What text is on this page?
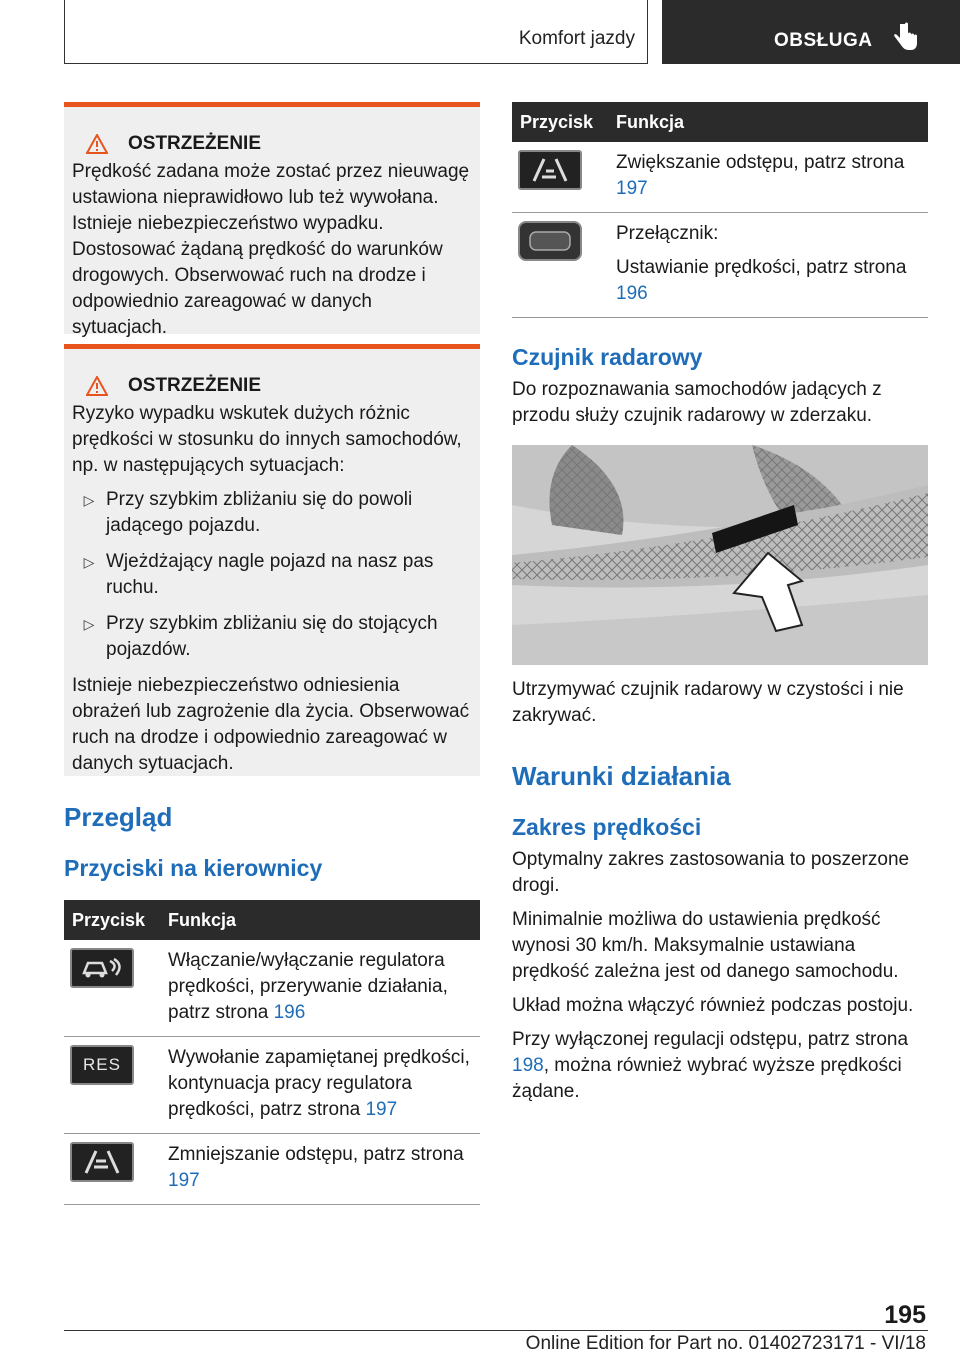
Komfort jazdy	OBSŁUGA
OSTRZEŻENIE

Prędkość zadana może zostać przez nieuwagę ustawiona nieprawidłowo lub też wywołana. Istnieje niebezpieczeństwo wypadku. Dostosować żądaną prędkość do warunków drogowych. Obserwować ruch na drodze i odpowiednio zareagować w danych sytuacjach.

OSTRZEŻENIE

Ryzyko wypadku wskutek dużych różnic prędkości w stosunku do innych samochodów, np. w następujących sytuacjach:

▷ Przy szybkim zbliżaniu się do powoli jadącego pojazdu.
▷ Wjeżdżający nagle pojazd na nasz pas ruchu.
▷ Przy szybkim zbliżaniu się do stojących pojazdów.

Istnieje niebezpieczeństwo odniesienia obrażeń lub zagrożenie dla życia. Obserwować ruch na drodze i odpowiednio zareagować w danych sytuacjach.

Przegląd
Przyciski na kierownicy
Przycisk	Funkcja

	Włączanie/wyłączanie regulatora prędkości, przerywanie działania, patrz strona 196

RES	Wywołanie zapamiętanej prędkości, kontynuacja pracy regulatora prędkości, patrz strona 197

	Zmniejszanie odstępu, patrz strona 197
Przycisk	Funkcja

	Zwiększanie odstępu, patrz strona 197

Przełącznik:
Ustawianie prędkości, patrz strona 196
Czujnik radarowy

Do rozpoznawania samochodów jadących z przodu służy czujnik radarowy w zderzaku.

Utrzymywać czujnik radarowy w czystości i nie zakrywać.

Warunki działania
Zakres prędkości

Optymalny zakres zastosowania to poszerzone drogi.

Minimalnie możliwa do ustawienia prędkość wynosi 30 km/h. Maksymalnie ustawiana prędkość zależna jest od danego samochodu.

Układ można włączyć również podczas postoju.

Przy wyłączonej regulacji odstępu, patrz strona 198, można również wybrać wyższe prędkości żądane.

195
Online Edition for Part no. 01402723171 - VI/18
